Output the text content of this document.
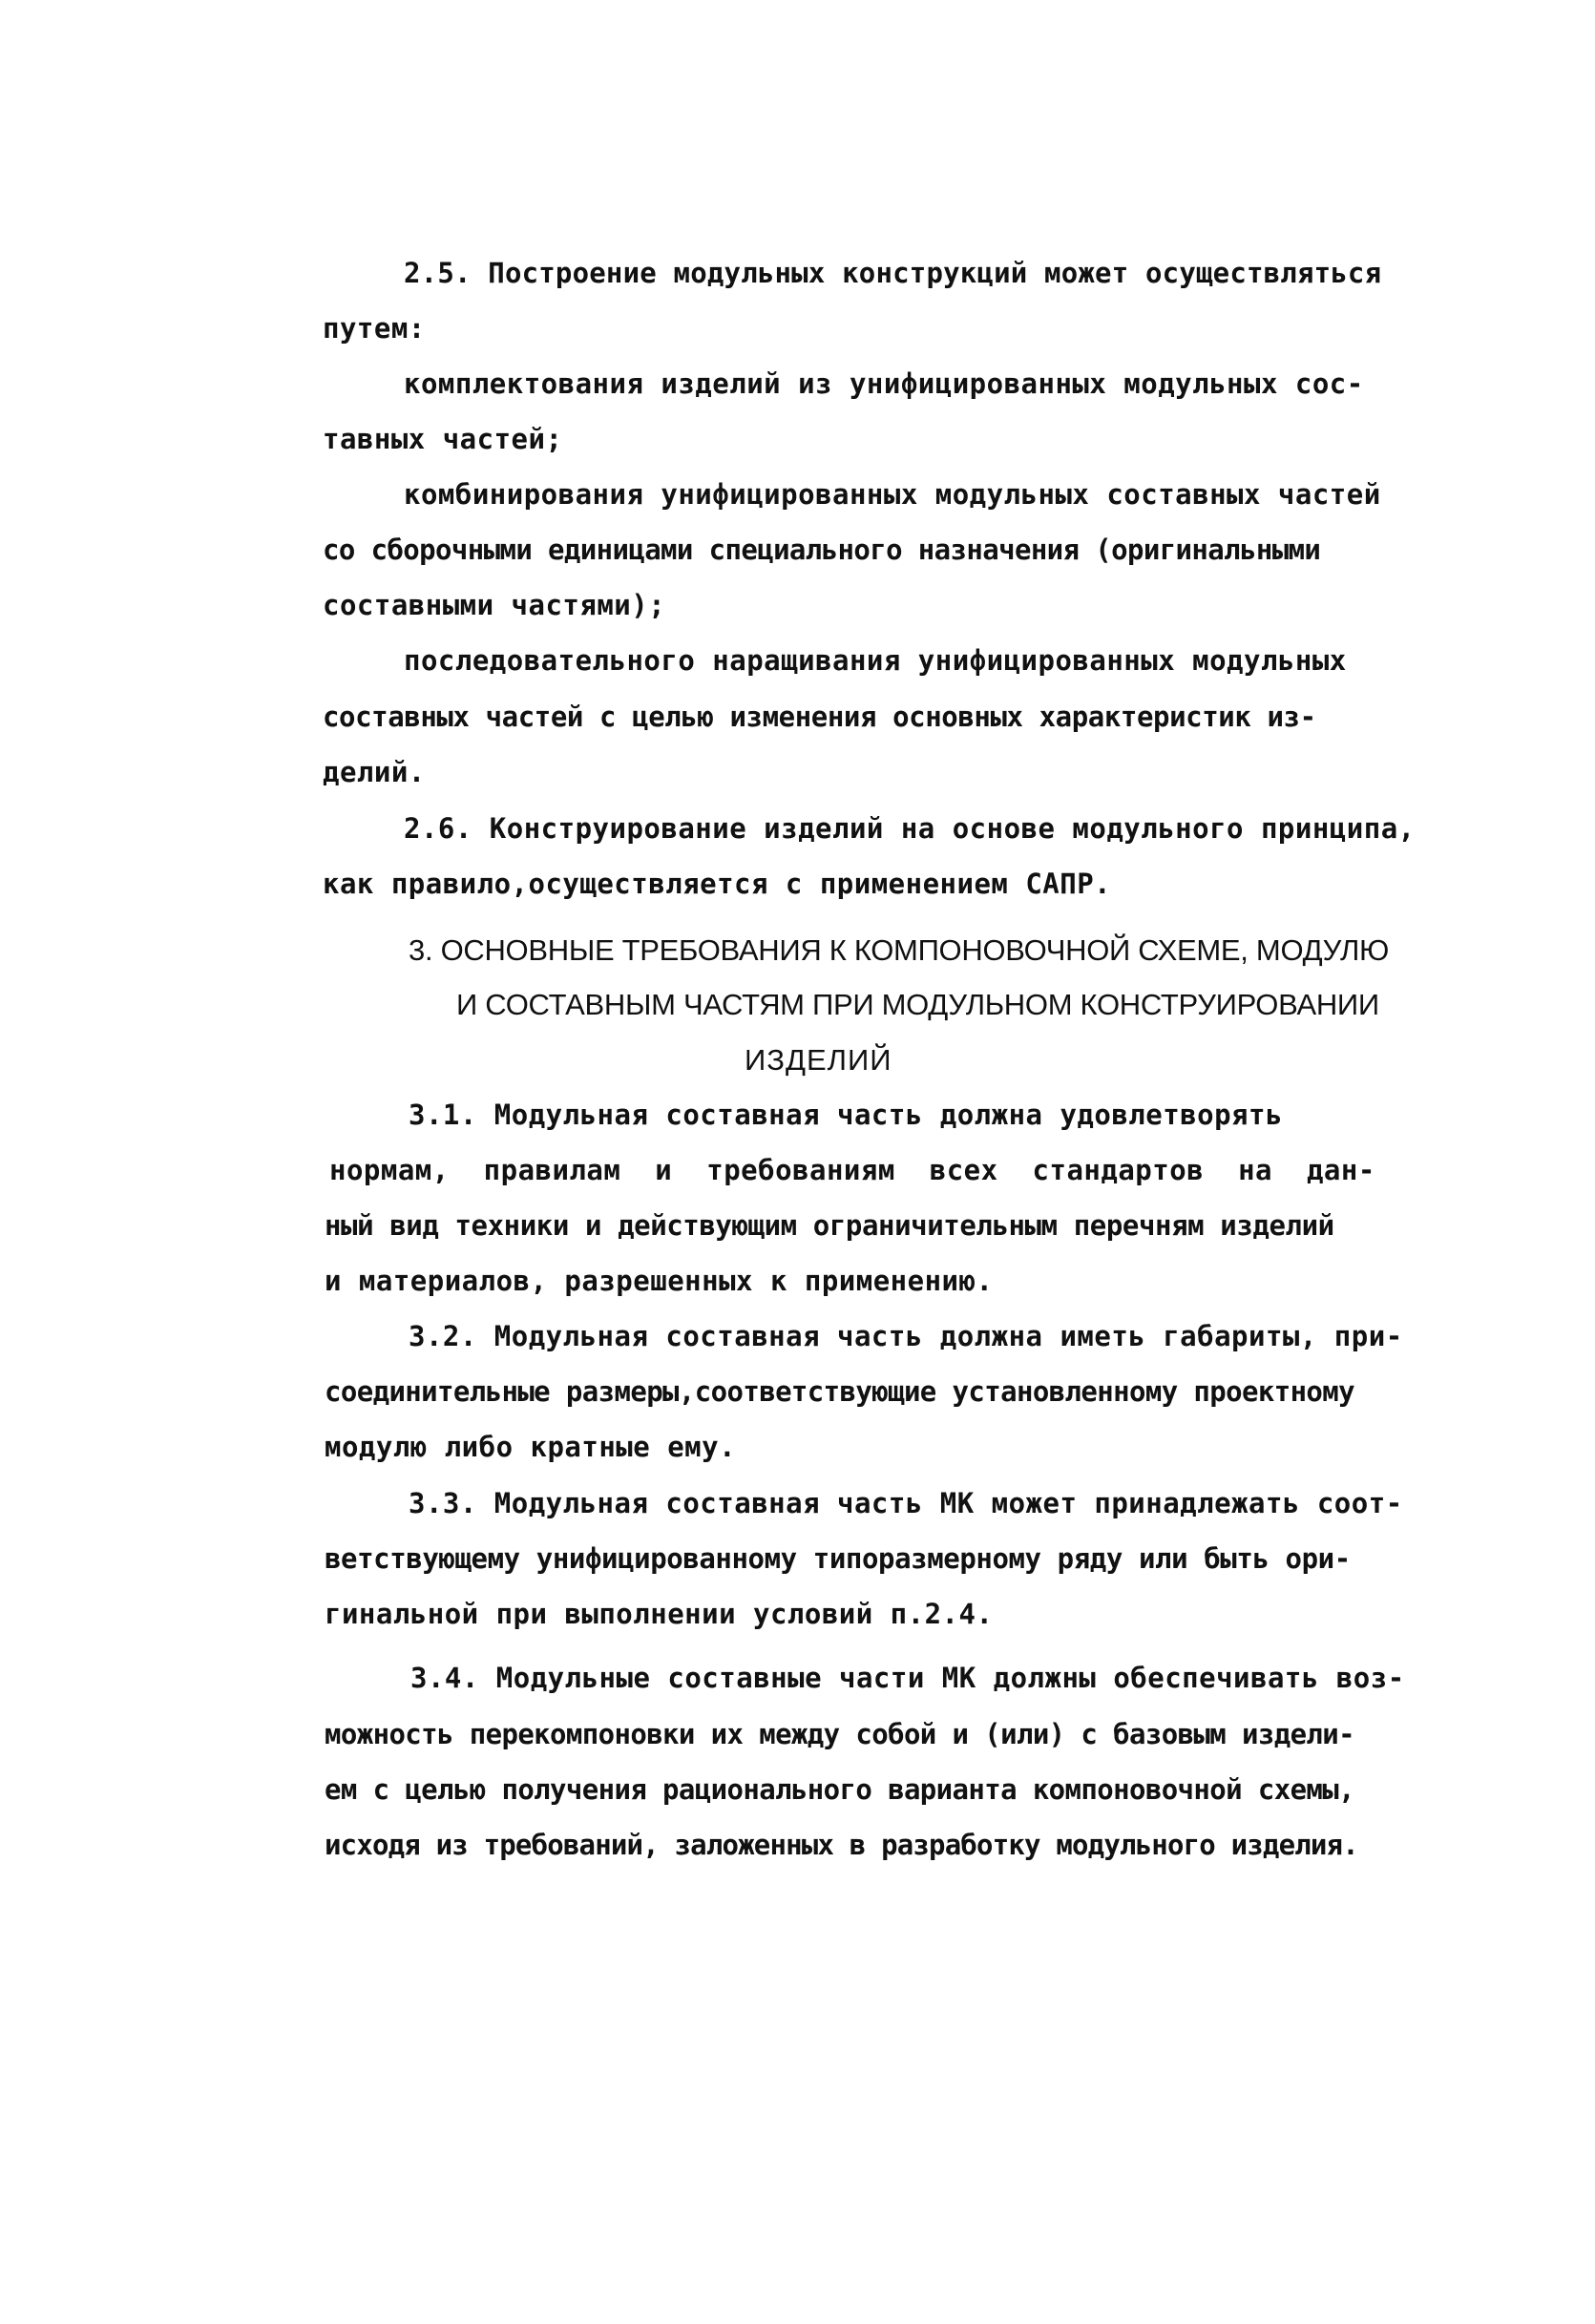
2.5. Построение модульных конструкций может осуществляться
путем:
комплектования изделий из унифицированных модульных сос-
тавных частей;
комбинирования унифицированных модульных составных частей
со сборочными единицами специального назначения (оригинальными
составными частями);
последовательного наращивания унифицированных модульных
составных частей с целью изменения основных характеристик из-
делий.
2.6. Конструирование изделий на основе модульного принципа,
как правило,осуществляется с применением САПР.
3. ОСНОВНЫЕ ТРЕБОВАНИЯ К КОМПОНОВОЧНОЙ СХЕМЕ, МОДУЛЮ
И СОСТАВНЫМ ЧАСТЯМ ПРИ МОДУЛЬНОМ КОНСТРУИРОВАНИИ
ИЗДЕЛИЙ
3.1. Модульная составная часть должна удовлетворять
нормам, правилам и требованиям всех стандартов на дан-
ный вид техники и действующим ограничительным перечням изделий
и материалов, разрешенных к применению.
3.2. Модульная составная часть должна иметь габариты, при-
соединительные размеры,соответствующие установленному проектному
модулю либо кратные ему.
3.3. Модульная составная часть МК может принадлежать соот-
ветствующему унифицированному типоразмерному ряду или быть ори-
гинальной при выполнении условий п.2.4.
3.4. Модульные составные части МК должны обеспечивать воз-
можность перекомпоновки их между собой и (или) с базовым издели-
ем с целью получения рационального варианта компоновочной схемы,
исходя из требований, заложенных в разработку модульного изделия.
